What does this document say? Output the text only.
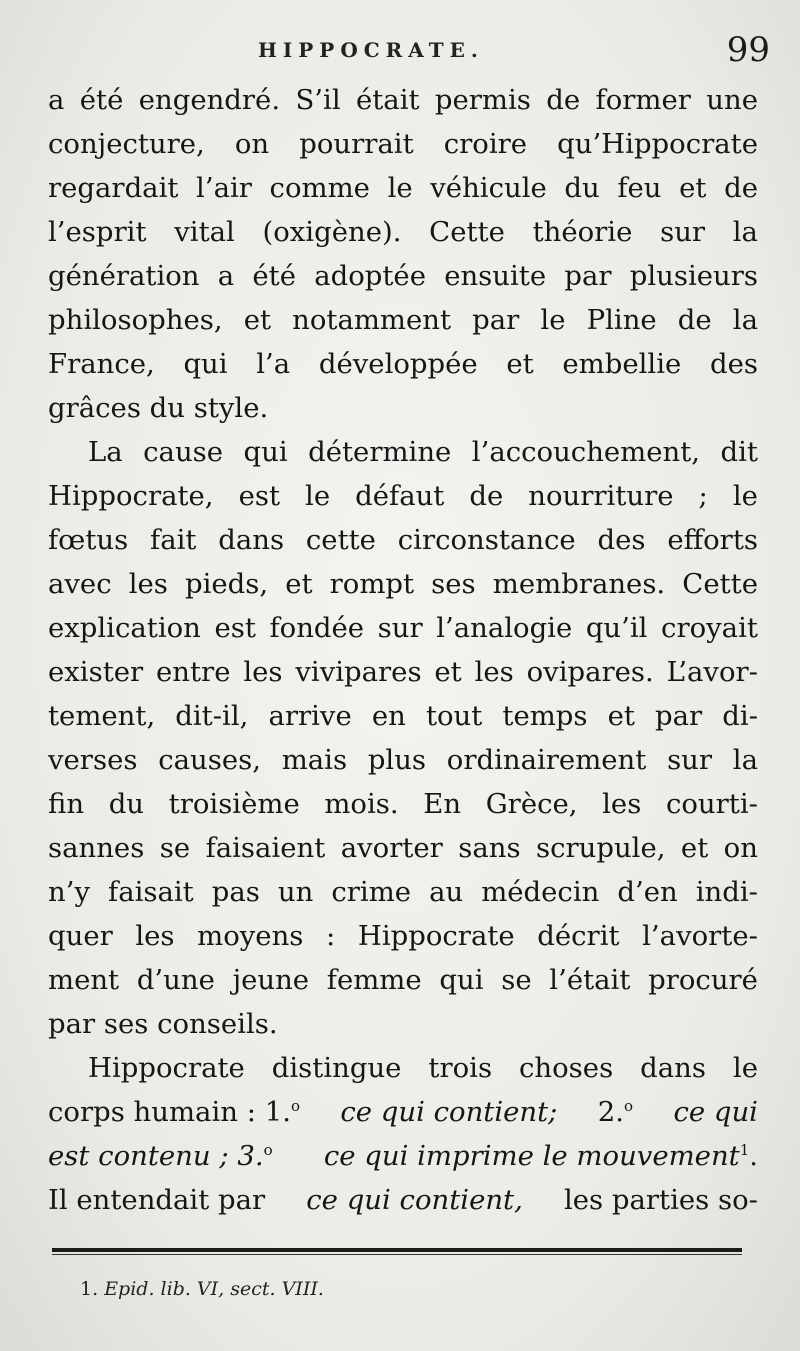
HIPPOCRATE.	99
a été engendré. S’il était permis de former une
conjecture, on pourrait croire qu’Hippocrate
regardait l’air comme le véhicule du feu et de
l’esprit vital (oxigène). Cette théorie sur la
génération a été adoptée ensuite par plusieurs
philosophes, et notamment par le Pline de la
France, qui l’a développée et embellie des
grâces du style.
La cause qui détermine l’accouchement, dit
Hippocrate, est le défaut de nourriture ; le
fœtus fait dans cette circonstance des efforts
avec les pieds, et rompt ses membranes. Cette
explication est fondée sur l’analogie qu’il croyait
exister entre les vivipares et les ovipares. L’avor-
tement, dit-il, arrive en tout temps et par di-
verses causes, mais plus ordinairement sur la
fin du troisième mois. En Grèce, les courti-
sannes se faisaient avorter sans scrupule, et on
n’y faisait pas un crime au médecin d’en indi-
quer les moyens : Hippocrate décrit l’avorte-
ment d’une jeune femme qui se l’était procuré
par ses conseils.
Hippocrate distingue trois choses dans le
corps humain : 1.$^o$ ce qui contient; 2.$^o$ ce qui
est contenu ; 3.$^o$ ce qui imprime le mouvement$^1$.
Il entendait par ce qui contient, les parties so-
1. Epid. lib. VI, sect. VIII.
